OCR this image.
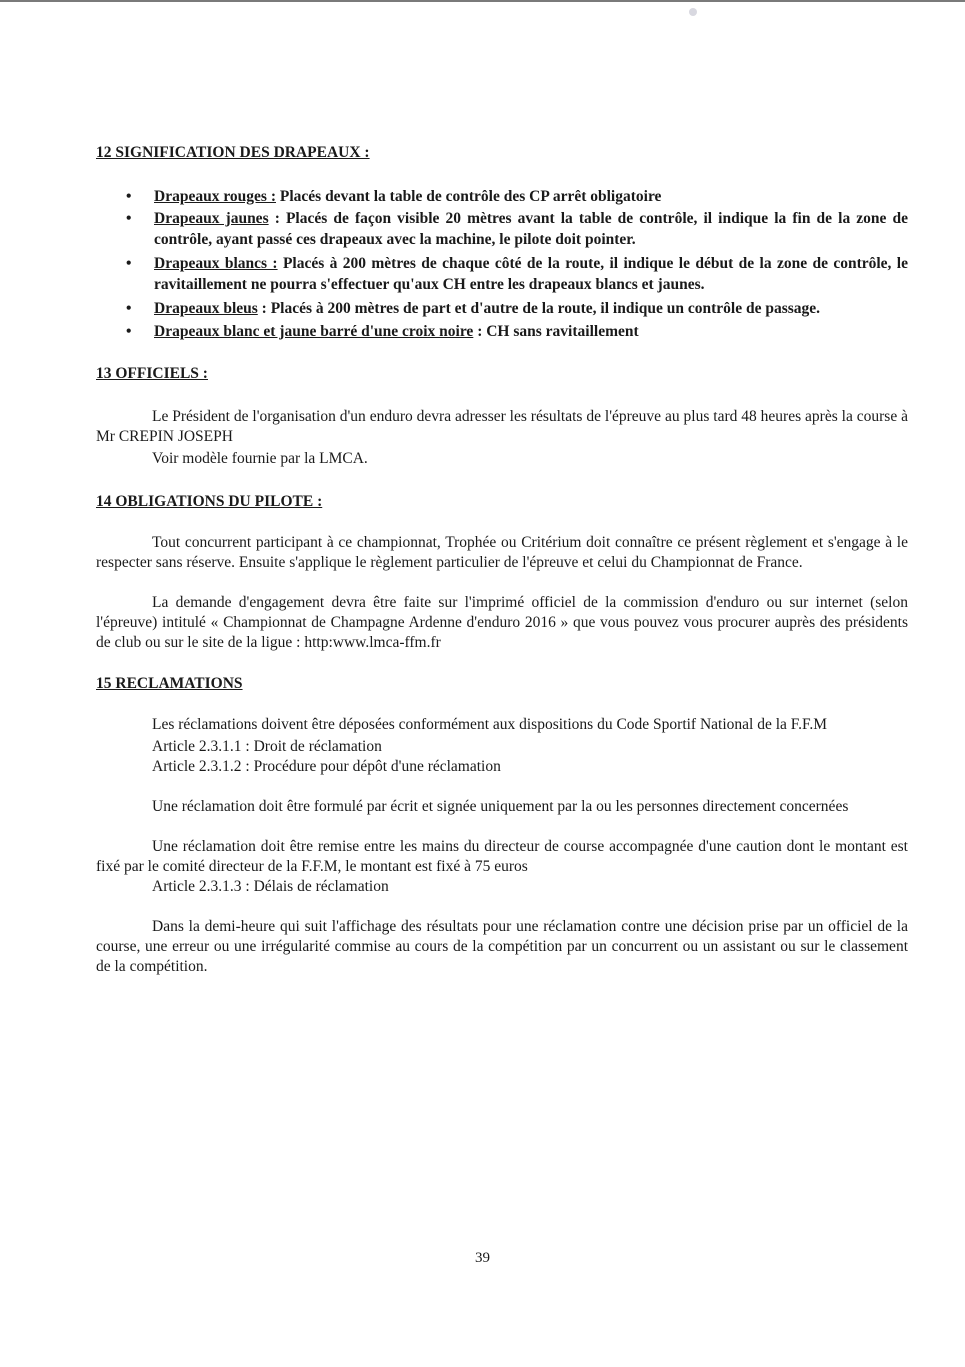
12 SIGNIFICATION DES DRAPEAUX :
• Drapeaux rouges : Placés devant la table de contrôle des CP arrêt obligatoire
• Drapeaux jaunes : Placés de façon visible 20 mètres avant la table de contrôle, il indique la fin de la zone de contrôle, ayant passé ces drapeaux avec la machine, le pilote doit pointer.
• Drapeaux blancs : Placés à 200 mètres de chaque côté de la route, il indique le début de la zone de contrôle, le ravitaillement ne pourra s'effectuer qu'aux CH entre les drapeaux blancs et jaunes.
• Drapeaux bleus : Placés à 200 mètres de part et d'autre de la route, il indique un contrôle de passage.
• Drapeaux blanc et jaune barré d'une croix noire : CH sans ravitaillement
13 OFFICIELS :

Le Président de l'organisation d'un enduro devra adresser les résultats de l'épreuve au plus tard 48 heures après la course à Mr CREPIN JOSEPH

Voir modèle fournie par la LMCA.

14 OBLIGATIONS DU PILOTE :

Tout concurrent participant à ce championnat, Trophée ou Critérium doit connaître ce présent règlement et s'engage à le respecter sans réserve. Ensuite s'applique le règlement particulier de l'épreuve et celui du Championnat de France.

La demande d'engagement devra être faite sur l'imprimé officiel de la commission d'enduro ou sur internet (selon l'épreuve) intitulé « Championnat de Champagne Ardenne d'enduro 2016 » que vous pouvez vous procurer auprès des présidents de club ou sur le site de la ligue : http:www.lmca-ffm.fr

15 RECLAMATIONS

Les réclamations doivent être déposées conformément aux dispositions du Code Sportif National de la F.F.M

Article 2.3.1.1 : Droit de réclamation

Article 2.3.1.2 : Procédure pour dépôt d'une réclamation

Une réclamation doit être formulé par écrit et signée uniquement par la ou les personnes directement concernées

Une réclamation doit être remise entre les mains du directeur de course accompagnée d'une caution dont le montant est fixé par le comité directeur de la F.F.M, le montant est fixé à 75 euros

Article 2.3.1.3 : Délais de réclamation

Dans la demi-heure qui suit l'affichage des résultats pour une réclamation contre une décision prise par un officiel de la course, une erreur ou une irrégularité commise au cours de la compétition par un concurrent ou un assistant ou sur le classement de la compétition.

39
